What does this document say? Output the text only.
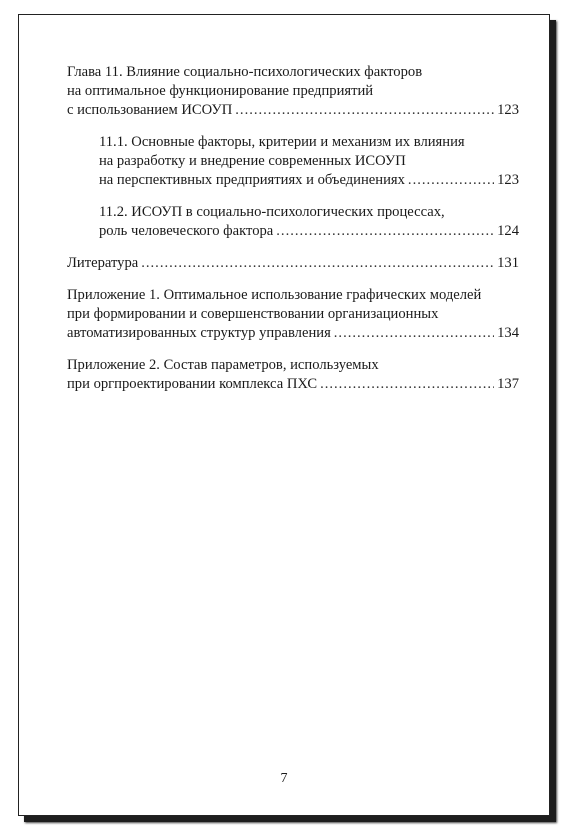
Глава 11. Влияние социально-психологических факторов
на оптимальное функционирование предприятий
с использованием ИСОУП .....	123
11.1. Основные факторы, критерии и механизм их влияния
на разработку и внедрение современных ИСОУП
на перспективных предприятиях и объединениях .....	123
11.2. ИСОУП в социально-психологических процессах,
роль человеческого фактора .....	124
Литература .....	131
Приложение 1. Оптимальное использование графических моделей
при формировании и совершенствовании организационных
автоматизированных структур управления .....	134
Приложение 2. Состав параметров, используемых
при оргпроектировании комплекса ПХС .....	137
7
